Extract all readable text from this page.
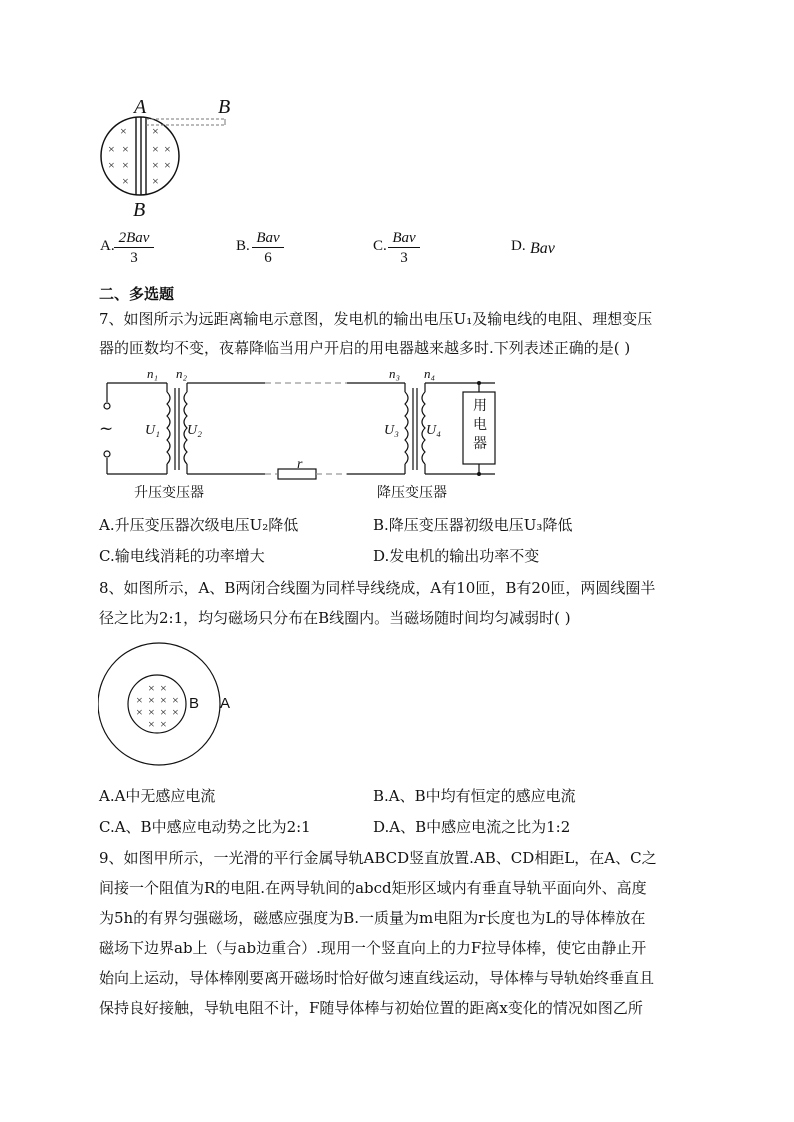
×
× ×
× ×
×
×
× ×
× ×
×
A	B
B
A. 2Bav
3
B. Bav
6
C. Bav
3
D. Bav
二、多选题
7、如图所示为远距离输电示意图，发电机的输出电压U₁及输电线的电阻、理想变压
器的匝数均不变，夜幕降临当用户开启的用电器越来越多时.下列表述正确的是( )
n₁ n₂	n₃ n₄
~ U₁ U₂	U₃ U₄
r
用
电
器
升压变压器	降压变压器
A.升压变压器次级电压U₂降低	B.降压变压器初级电压U₃降低
C.输电线消耗的功率增大	D.发电机的输出功率不变
8、如图所示，A、B两闭合线圈为同样导线绕成，A有10匝，B有20匝，两圆线圈半
径之比为2:1，均匀磁场只分布在B线圈内。当磁场随时间均匀减弱时( )
× ×
× × × ×
× × × ×
× ×
B A
A.A中无感应电流	B.A、B中均有恒定的感应电流
C.A、B中感应电动势之比为2:1	D.A、B中感应电流之比为1:2
9、如图甲所示，一光滑的平行金属导轨ABCD竖直放置.AB、CD相距L，在A、C之
间接一个阻值为R的电阻.在两导轨间的abcd矩形区域内有垂直导轨平面向外、高度
为5h的有界匀强磁场，磁感应强度为B.一质量为m电阻为r长度也为L的导体棒放在
磁场下边界ab上（与ab边重合）.现用一个竖直向上的力F拉导体棒，使它由静止开
始向上运动，导体棒刚要离开磁场时恰好做匀速直线运动，导体棒与导轨始终垂直且
保持良好接触，导轨电阻不计，F随导体棒与初始位置的距离x变化的情况如图乙所
